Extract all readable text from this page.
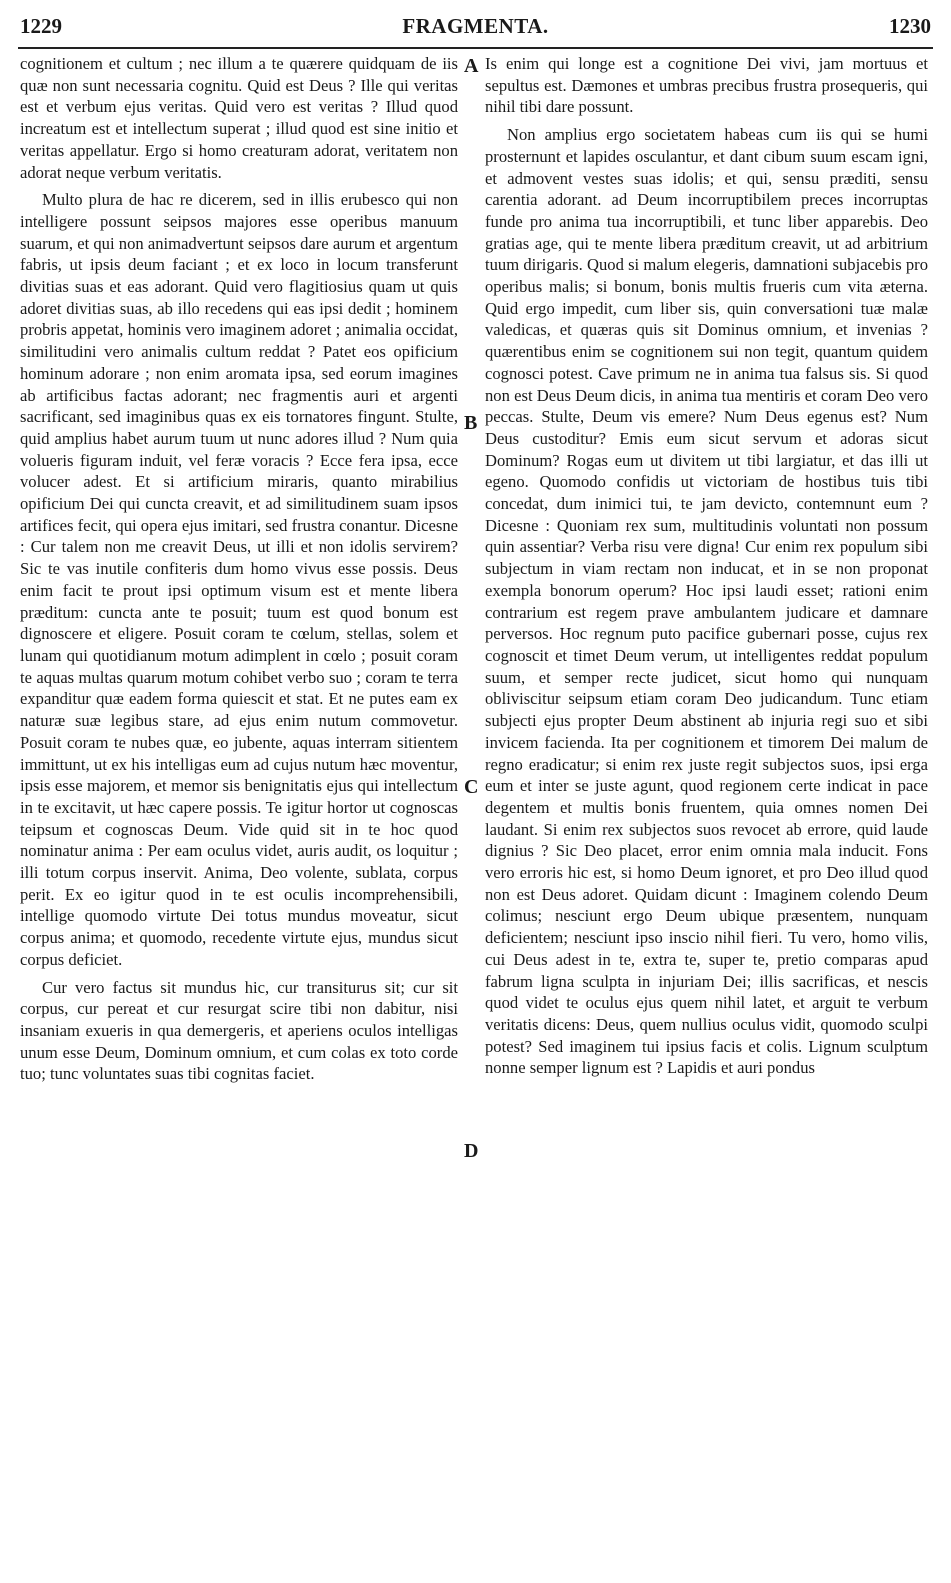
1229	FRAGMENTA.	1230

cognitionem et cultum ; nec illum a te quærere quidquam de iis quæ non sunt necessaria cognitu. Quid est Deus ? Ille qui veritas est et verbum ejus veritas. Quid vero est veritas ? Illud quod increatum est et intellectum superat ; illud quod est sine initio et veritas appellatur. Ergo si homo creaturam adorat, veritatem non adorat neque verbum veritatis.

Multo plura de hac re dicerem, sed in illis erubesco qui non intelligere possunt seipsos majores esse operibus manuum suarum, et qui non animadvertunt seipsos dare aurum et argentum fabris, ut ipsis deum faciant ; et ex loco in locum transferunt divitias suas et eas adorant. Quid vero flagitiosius quam ut quis adoret divitias suas, ab illo recedens qui eas ipsi dedit ; hominem probris appetat, hominis vero imaginem adoret ; animalia occidat, similitudini vero animalis cultum reddat ? Patet eos opificium hominum adorare ; non enim aromata ipsa, sed eorum imagines ab artificibus factas adorant; nec fragmentis auri et argenti sacrificant, sed imaginibus quas ex eis tornatores fingunt. Stulte, quid amplius habet aurum tuum ut nunc adores illud ? Num quia volueris figuram induit, vel feræ voracis ? Ecce fera ipsa, ecce volucer adest. Et si artificium miraris, quanto mirabilius opificium Dei qui cuncta creavit, et ad similitudinem suam ipsos artifices fecit, qui opera ejus imitari, sed frustra conantur. Dicesne : Cur talem non me creavit Deus, ut illi et non idolis servirem? Sic te vas inutile confiteris dum homo vivus esse possis. Deus enim facit te prout ipsi optimum visum est et mente libera præditum: cuncta ante te posuit; tuum est quod bonum est dignoscere et eligere. Posuit coram te cœlum, stellas, solem et lunam qui quotidianum motum adimplent in cœlo ; posuit coram te aquas multas quarum motum cohibet verbo suo ; coram te terra expanditur quæ eadem forma quiescit et stat. Et ne putes eam ex naturæ suæ legibus stare, ad ejus enim nutum commovetur. Posuit coram te nubes quæ, eo jubente, aquas interram sitientem immittunt, ut ex his intelligas eum ad cujus nutum hæc moventur, ipsis esse majorem, et memor sis benignitatis ejus qui intellectum in te excitavit, ut hæc capere possis. Te igitur hortor ut cognoscas teipsum et cognoscas Deum. Vide quid sit in te hoc quod nominatur anima : Per eam oculus videt, auris audit, os loquitur ; illi totum corpus inservit. Anima, Deo volente, sublata, corpus perit. Ex eo igitur quod in te est oculis incomprehensibili, intellige quomodo virtute Dei totus mundus moveatur, sicut corpus anima; et quomodo, recedente virtute ejus, mundus sicut corpus deficiet.

Cur vero factus sit mundus hic, cur transiturus sit; cur sit corpus, cur pereat et cur resurgat scire tibi non dabitur, nisi insaniam exueris in qua demergeris, et aperiens oculos intelligas unum esse Deum, Dominum omnium, et cum colas ex toto corde tuo; tunc voluntates suas tibi cognitas faciet.

A
B
C
D

Is enim qui longe est a cognitione Dei vivi, jam mortuus et sepultus est. Dæmones et umbras precibus frustra prosequeris, qui nihil tibi dare possunt.

Non amplius ergo societatem habeas cum iis qui se humi prosternunt et lapides osculantur, et dant cibum suum escam igni, et admovent vestes suas idolis; et qui, sensu præditi, sensu carentia adorant. ad Deum incorruptibilem preces incorruptas funde pro anima tua incorruptibili, et tunc liber apparebis. Deo gratias age, qui te mente libera præditum creavit, ut ad arbitrium tuum dirigaris. Quod si malum elegeris, damnationi subjacebis pro operibus malis; si bonum, bonis multis frueris cum vita æterna. Quid ergo impedit, cum liber sis, quin conversationi tuæ malæ valedicas, et quæras quis sit Dominus omnium, et invenias ? quærentibus enim se cognitionem sui non tegit, quantum quidem cognosci potest. Cave primum ne in anima tua falsus sis. Si quod non est Deus Deum dicis, in anima tua mentiris et coram Deo vero peccas. Stulte, Deum vis emere? Num Deus egenus est? Num Deus custoditur? Emis eum sicut servum et adoras sicut Dominum? Rogas eum ut divitem ut tibi largiatur, et das illi ut egeno. Quomodo confidis ut victoriam de hostibus tuis tibi concedat, dum inimici tui, te jam devicto, contemnunt eum ? Dicesne : Quoniam rex sum, multitudinis voluntati non possum quin assentiar? Verba risu vere digna! Cur enim rex populum sibi subjectum in viam rectam non inducat, et in se non proponat exempla bonorum operum? Hoc ipsi laudi esset; rationi enim contrarium est regem prave ambulantem judicare et damnare perversos. Hoc regnum puto pacifice gubernari posse, cujus rex cognoscit et timet Deum verum, ut intelligentes reddat populum suum, et semper recte judicet, sicut homo qui nunquam obliviscitur seipsum etiam coram Deo judicandum. Tunc etiam subjecti ejus propter Deum abstinent ab injuria regi suo et sibi invicem facienda. Ita per cognitionem et timorem Dei malum de regno eradicatur; si enim rex juste regit subjectos suos, ipsi erga eum et inter se juste agunt, quod regionem certe indicat in pace degentem et multis bonis fruentem, quia omnes nomen Dei laudant. Si enim rex subjectos suos revocet ab errore, quid laude dignius ? Sic Deo placet, error enim omnia mala inducit. Fons vero erroris hic est, si homo Deum ignoret, et pro Deo illud quod non est Deus adoret. Quidam dicunt : Imaginem colendo Deum colimus; nesciunt ergo Deum ubique præsentem, nunquam deficientem; nesciunt ipso inscio nihil fieri. Tu vero, homo vilis, cui Deus adest in te, extra te, super te, pretio comparas apud fabrum ligna sculpta in injuriam Dei; illis sacrificas, et nescis quod videt te oculus ejus quem nihil latet, et arguit te verbum veritatis dicens: Deus, quem nullius oculus vidit, quomodo sculpi potest? Sed imaginem tui ipsius facis et colis. Lignum sculptum nonne semper lignum est ? Lapidis et auri pondus
